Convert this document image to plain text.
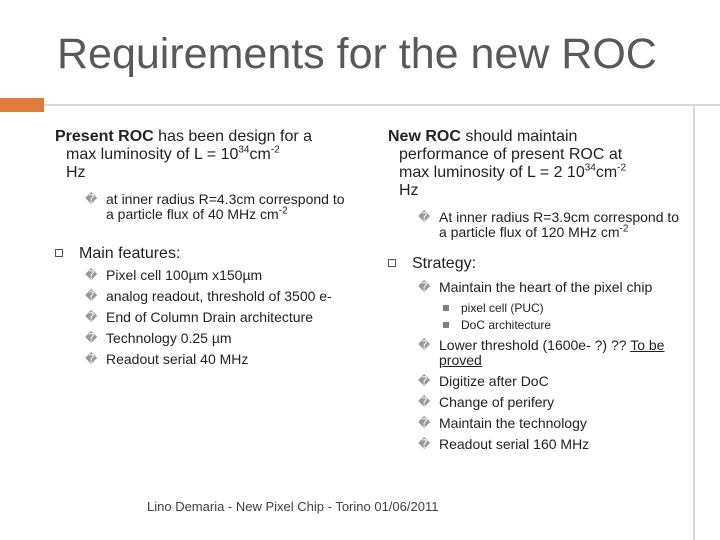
Requirements for the new ROC
Present ROC has been design for a
max luminosity of $L = 10^{34}cm^{-2}$
Hz
� at inner radius R=4.3cm correspond to a particle flux of 40 MHz $cm^{-2}$
Main features:
� Pixel cell 100µm x150µm
� analog readout, threshold of 3500 e-
� End of Column Drain architecture
� Technology 0.25 µm
� Readout serial 40 MHz
New ROC should maintain
performance of present ROC at
max luminosity of L = 2 $10^{34}cm^{-2}$
Hz
� At inner radius R=3.9cm correspond to a particle flux of 120 MHz $cm^{-2}$
Strategy:
� Maintain the heart of the pixel chip
pixel cell (PUC)
DoC architecture
� Lower threshold (1600e- ?) ?? To be proved
� Digitize after DoC
� Change of perifery
� Maintain the technology
� Readout serial 160 MHz
Lino Demaria - New Pixel Chip - Torino 01/06/2011
